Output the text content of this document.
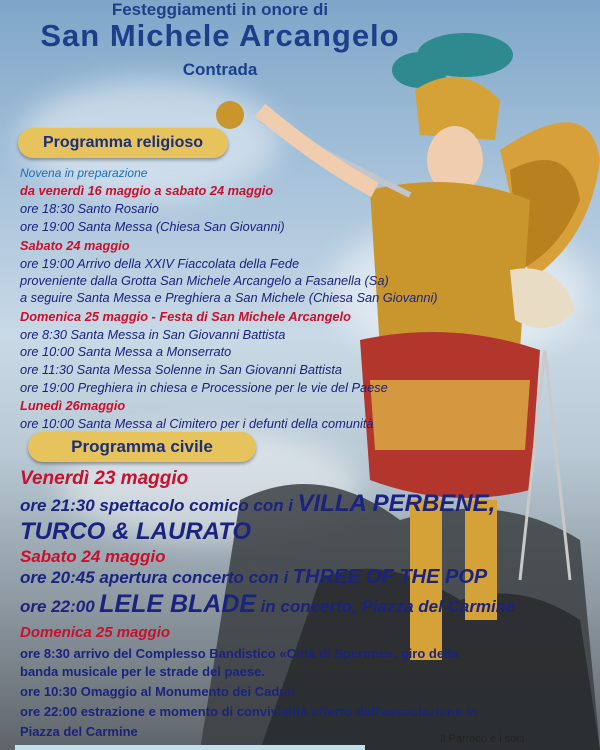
Festeggiamenti in onore di
San Michele Arcangelo
Contrada
Programma religioso
Novena in preparazione
da venerdì 16 maggio a sabato 24 maggio
ore 18:30 Santo Rosario
ore 19:00 Santa Messa (Chiesa San Giovanni)
Sabato 24 maggio
ore 19:00 Arrivo della XXIV Fiaccolata della Fede
proveniente dalla Grotta San Michele Arcangelo a Fasanella (Sa)
a seguire Santa Messa e Preghiera a San Michele (Chiesa San Giovanni)
Domenica 25 maggio - Festa di San Michele Arcangelo
ore 8:30 Santa Messa in San Giovanni Battista
ore 10:00 Santa Messa a Monserrato
ore 11:30 Santa Messa Solenne in San Giovanni Battista
ore 19:00 Preghiera in chiesa e Processione per le vie del Paese
Lunedì 26maggio
ore 10:00 Santa Messa al Cimitero per i defunti della comunità
Programma civile
Venerdì 23 maggio
ore 21:30 spettacolo comico con i VILLA PERBENE,
TURCO & LAURATO
Sabato 24 maggio
ore 20:45 apertura concerto con i THREE OF THE POP
ore 22:00 LELE BLADE in concerto, Piazza del Carmine
Domenica 25 maggio
ore 8:30 arrivo del Complesso Bandistico «Città di Sperone», giro della
banda musicale per le strade del paese.
ore 10:30 Omaggio al Monumento dei Caduti
ore 22:00 estrazione e momento di convivialità offerto dall'associazione in
Piazza del Carmine	Il Parroco e i soci
